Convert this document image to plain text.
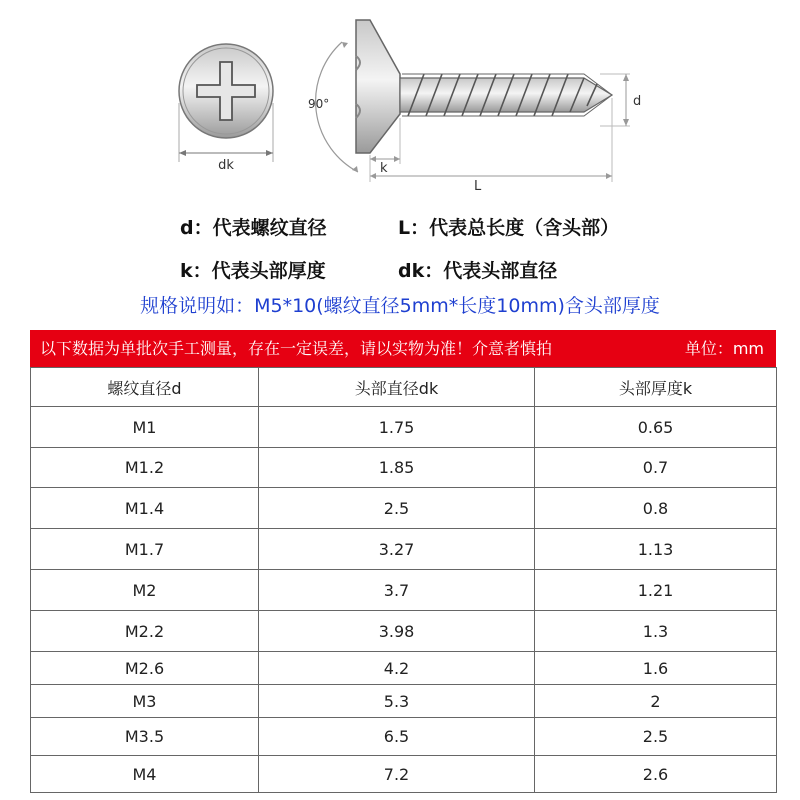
dk
90°	d
k
L
d：代表螺纹直径	L：代表总长度（含头部）
k：代表头部厚度	dk：代表头部直径
规格说明如：M5*10(螺纹直径5mm*长度10mm)含头部厚度
以下数据为单批次手工测量，存在一定误差，请以实物为准！介意者慎拍	单位：mm
螺纹直径d	头部直径dk	头部厚度k
M1	1.75	0.65
M1.2	1.85	0.7
M1.4	2.5	0.8
M1.7	3.27	1.13
M2	3.7	1.21
M2.2	3.98	1.3
M2.6	4.2	1.6
M3	5.3	2
M3.5	6.5	2.5
M4	7.2	2.6
